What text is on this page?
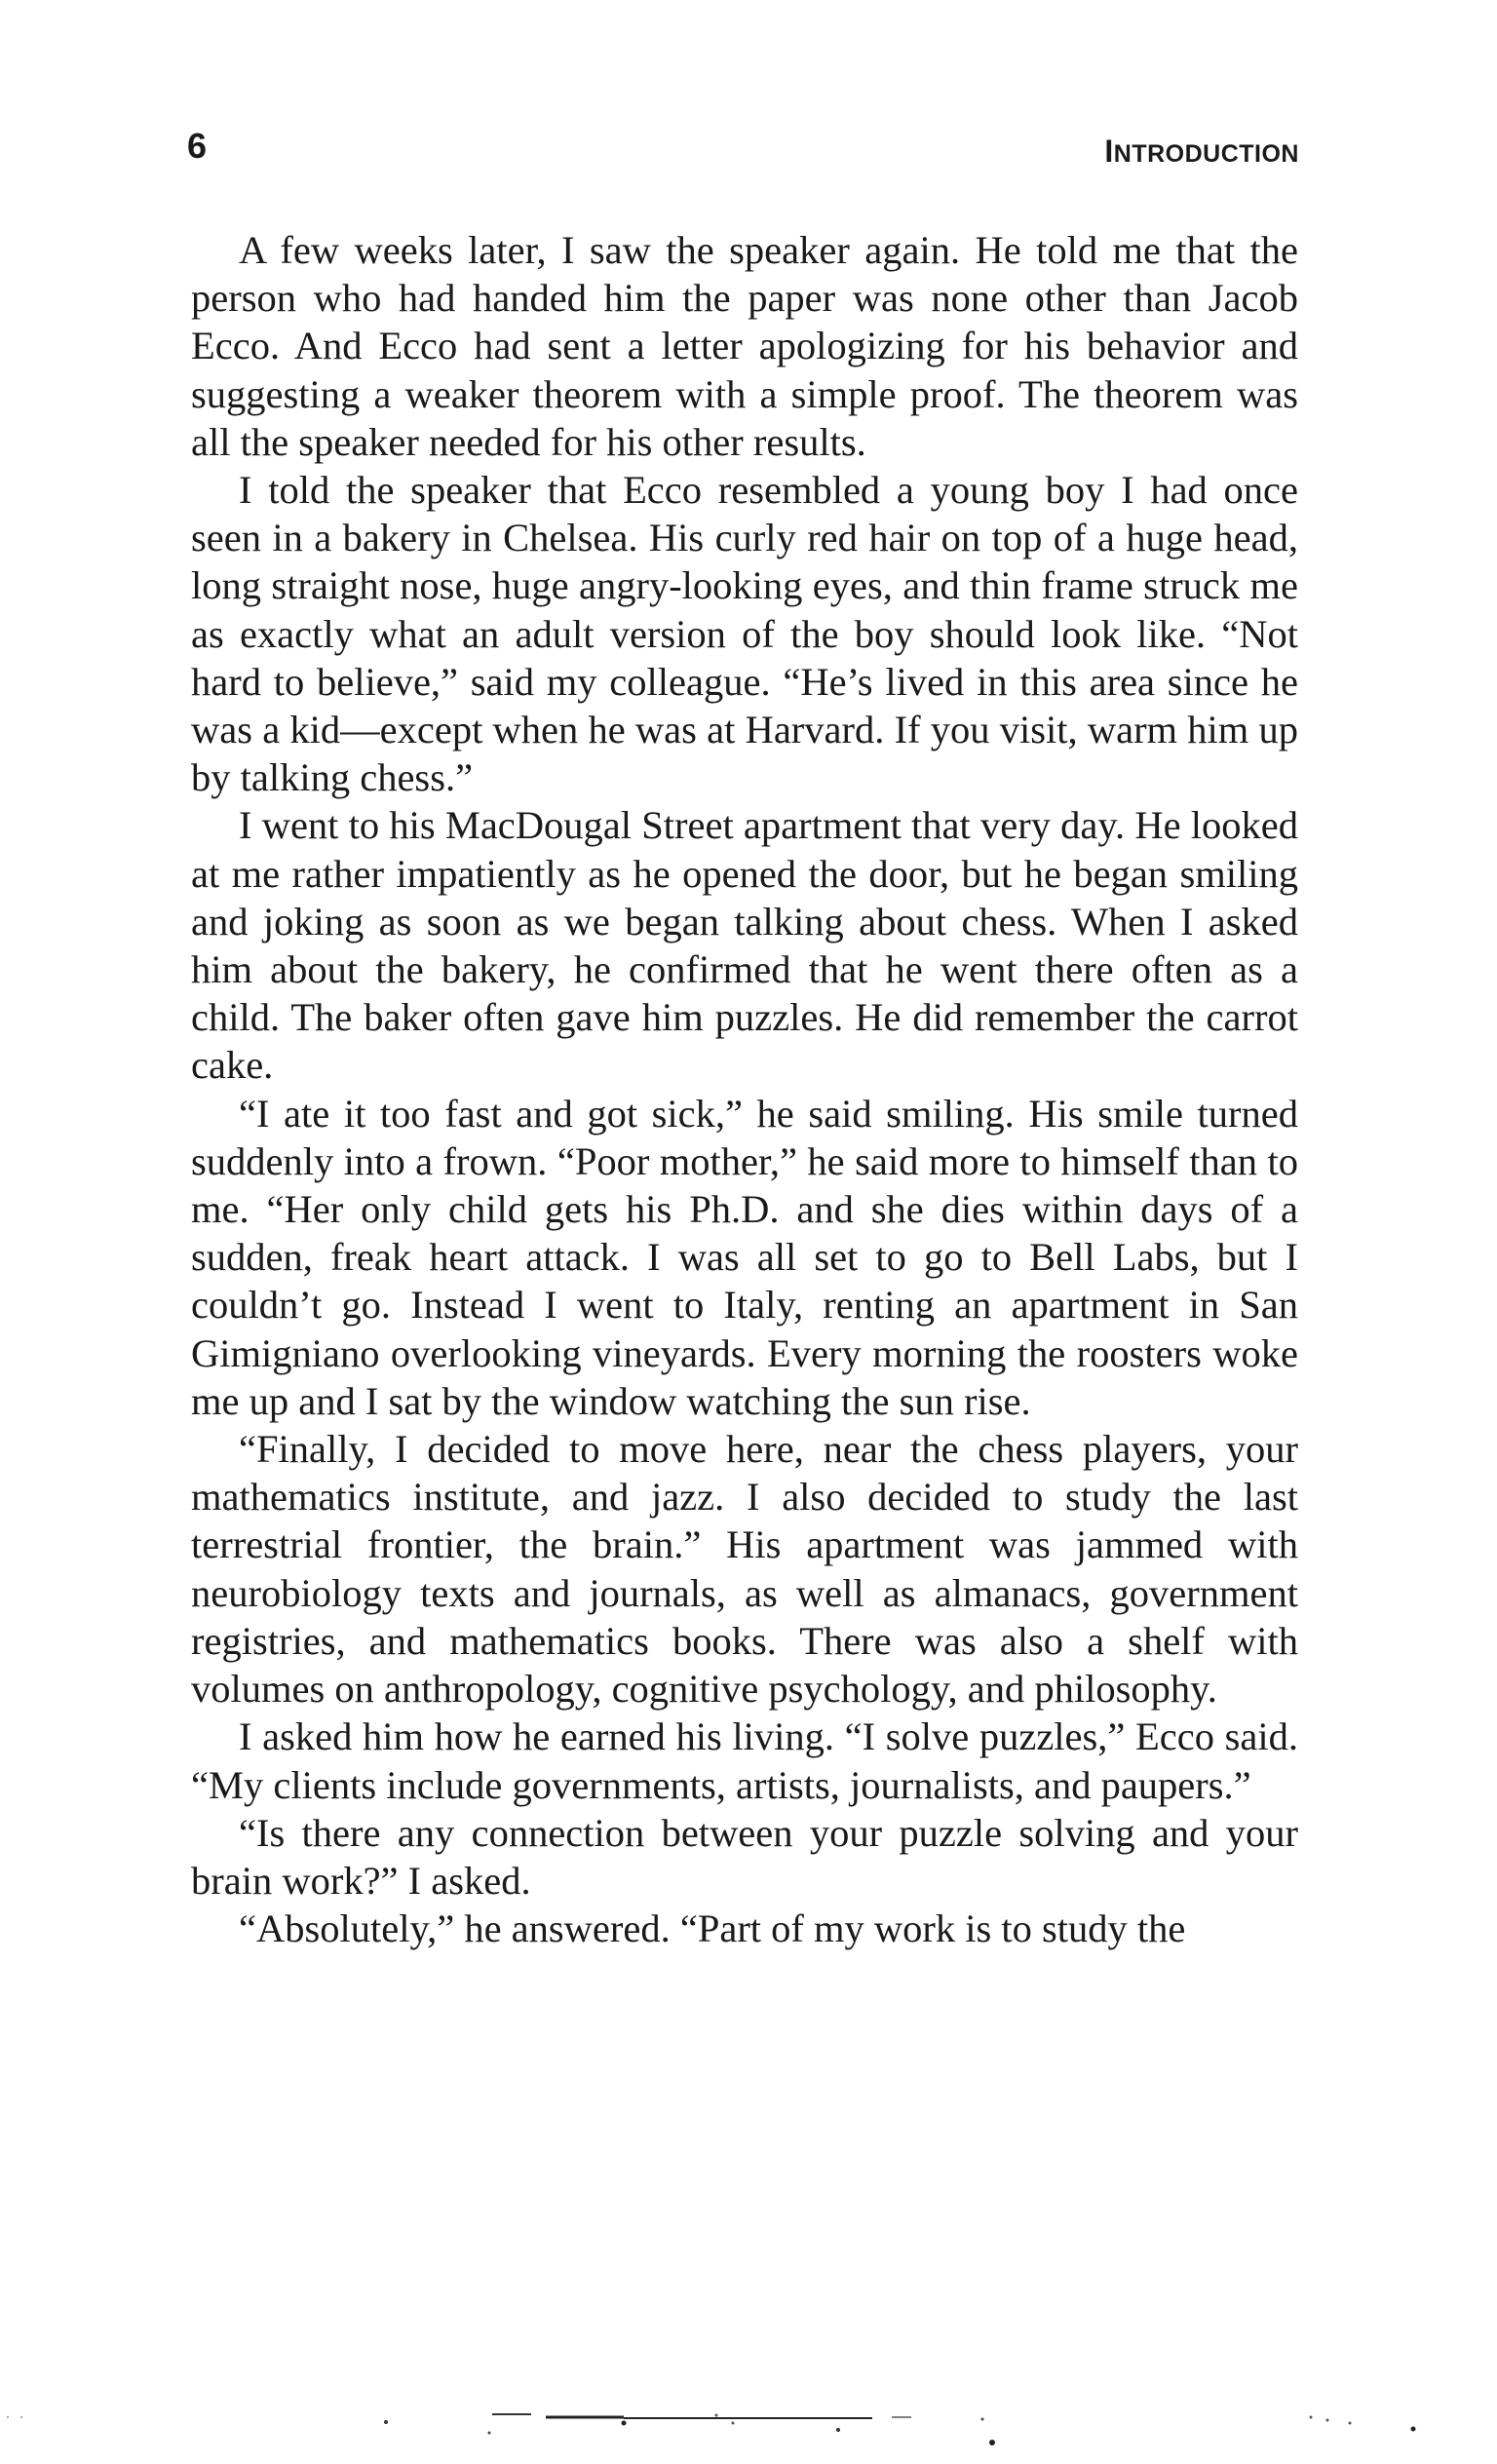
6	INTRODUCTION

A few weeks later, I saw the speaker again. He told me that the person who had handed him the paper was none other than Jacob Ecco. And Ecco had sent a letter apologizing for his behavior and suggesting a weaker theorem with a simple proof. The theorem was all the speaker needed for his other results.

I told the speaker that Ecco resembled a young boy I had once seen in a bakery in Chelsea. His curly red hair on top of a huge head, long straight nose, huge angry-looking eyes, and thin frame struck me as exactly what an adult version of the boy should look like. “Not hard to believe,” said my colleague. “He’s lived in this area since he was a kid—except when he was at Harvard. If you visit, warm him up by talking chess.”

I went to his MacDougal Street apartment that very day. He looked at me rather impatiently as he opened the door, but he began smiling and joking as soon as we began talking about chess. When I asked him about the bakery, he confirmed that he went there often as a child. The baker often gave him puzzles. He did remember the carrot cake.

“I ate it too fast and got sick,” he said smiling. His smile turned suddenly into a frown. “Poor mother,” he said more to himself than to me. “Her only child gets his Ph.D. and she dies within days of a sudden, freak heart attack. I was all set to go to Bell Labs, but I couldn’t go. Instead I went to Italy, renting an apartment in San Gimigniano overlooking vineyards. Every morning the roosters woke me up and I sat by the window watching the sun rise.

“Finally, I decided to move here, near the chess players, your mathematics institute, and jazz. I also decided to study the last terrestrial frontier, the brain.” His apartment was jammed with neurobiology texts and journals, as well as almanacs, government registries, and mathematics books. There was also a shelf with volumes on anthropology, cognitive psychology, and philosophy.

I asked him how he earned his living. “I solve puzzles,” Ecco said. “My clients include governments, artists, journalists, and paupers.”

“Is there any connection between your puzzle solving and your brain work?” I asked.

“Absolutely,” he answered. “Part of my work is to study the
